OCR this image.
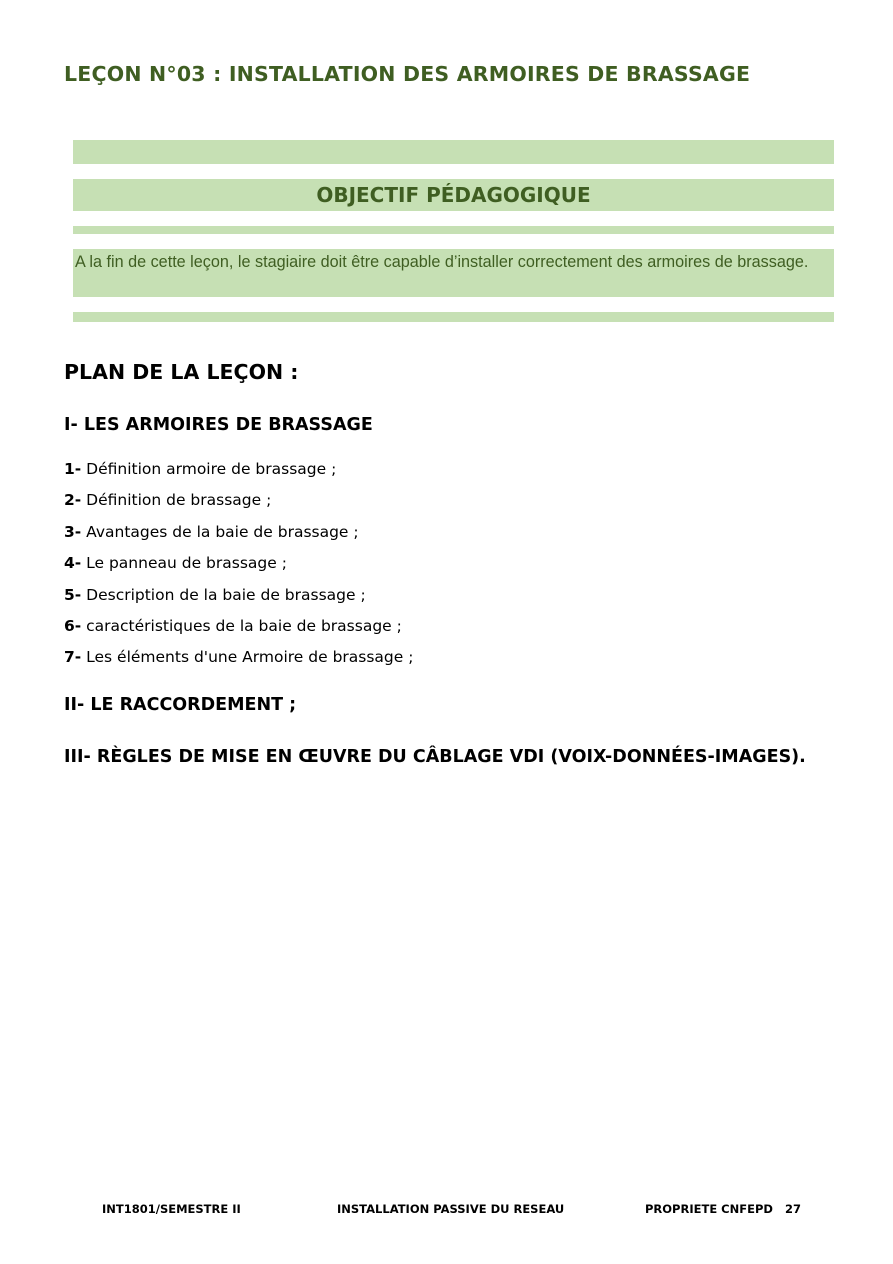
LEÇON N°03 : INSTALLATION DES ARMOIRES DE BRASSAGE
OBJECTIF PÉDAGOGIQUE
A la fin de cette leçon, le stagiaire doit être capable d’installer correctement des armoires de brassage.
PLAN DE LA LEÇON :
I- LES ARMOIRES DE BRASSAGE
1- Définition armoire de brassage ;
2- Définition de brassage ;
3- Avantages de la baie de brassage ;
4- Le panneau de brassage ;
5- Description de la baie de brassage ;
6- caractéristiques de la baie de brassage ;
7- Les éléments d'une Armoire de brassage ;
II- LE RACCORDEMENT ;
III- RÈGLES DE MISE EN ŒUVRE DU CÂBLAGE VDI (VOIX-DONNÉES-IMAGES).
INT1801/SEMESTRE II	INSTALLATION PASSIVE DU RESEAU	PROPRIETE CNFEPD 27
